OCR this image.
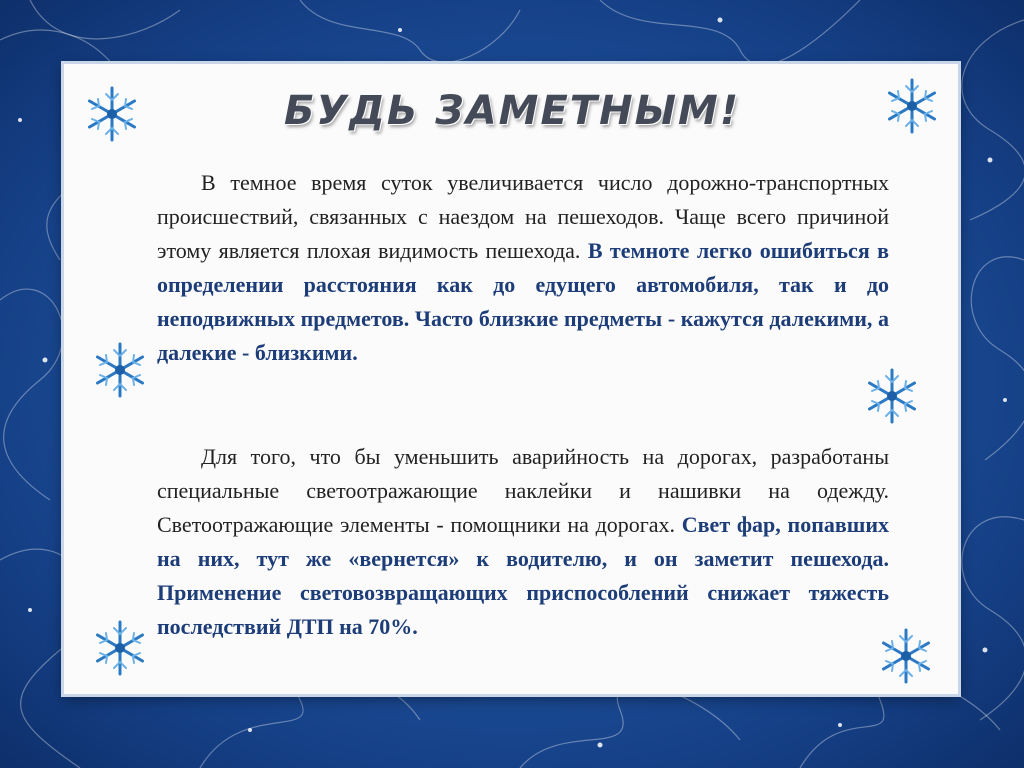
БУДЬ ЗАМЕТНЫМ!

В темное время суток увеличивается число дорожно-транспортных происшествий, связанных с наездом на пешеходов. Чаще всего причиной этому является плохая видимость пешехода. В темноте легко ошибиться в определении расстояния как до едущего автомобиля, так и до неподвижных предметов. Часто близкие предметы - кажутся далекими, а далекие - близкими.

Для того, что бы уменьшить аварийность на дорогах, разработаны специальные светоотражающие наклейки и нашивки на одежду. Светоотражающие элементы - помощники на дорогах. Свет фар, попавших на них, тут же «вернется» к водителю, и он заметит пешехода. Применение световозвращающих приспособлений снижает тяжесть последствий ДТП на 70%.
